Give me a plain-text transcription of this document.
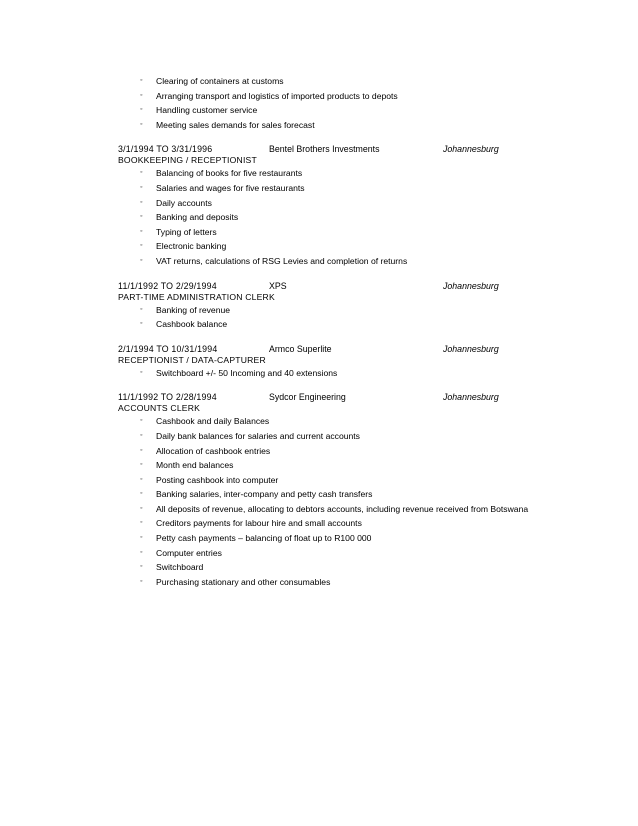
◦ Clearing of containers at customs
◦ Arranging transport and logistics of imported products to depots
◦ Handling customer service
◦ Meeting sales demands for sales forecast
3/1/1994 TO 3/31/1996	Bentel Brothers Investments	Johannesburg
BOOKKEEPING / RECEPTIONIST
◦ Balancing of books for five restaurants
◦ Salaries and wages for five restaurants
◦ Daily accounts
◦ Banking and deposits
◦ Typing of letters
◦ Electronic banking
◦ VAT returns, calculations of RSG Levies and completion of returns
11/1/1992 TO 2/29/1994	XPS	Johannesburg
PART-TIME ADMINISTRATION CLERK
◦ Banking of revenue
◦ Cashbook balance
2/1/1994 TO 10/31/1994	Armco Superlite	Johannesburg
RECEPTIONIST / DATA-CAPTURER
◦ Switchboard +/- 50 Incoming and 40 extensions
11/1/1992 TO 2/28/1994	Sydcor Engineering	Johannesburg
ACCOUNTS CLERK
◦ Cashbook and daily Balances
◦ Daily bank balances for salaries and current accounts
◦ Allocation of cashbook entries
◦ Month end balances
◦ Posting cashbook into computer
◦ Banking salaries, inter-company and petty cash transfers
◦ All deposits of revenue, allocating to debtors accounts, including revenue received from Botswana
◦ Creditors payments for labour hire and small accounts
◦ Petty cash payments – balancing of float up to R100 000
◦ Computer entries
◦ Switchboard
◦ Purchasing stationary and other consumables
